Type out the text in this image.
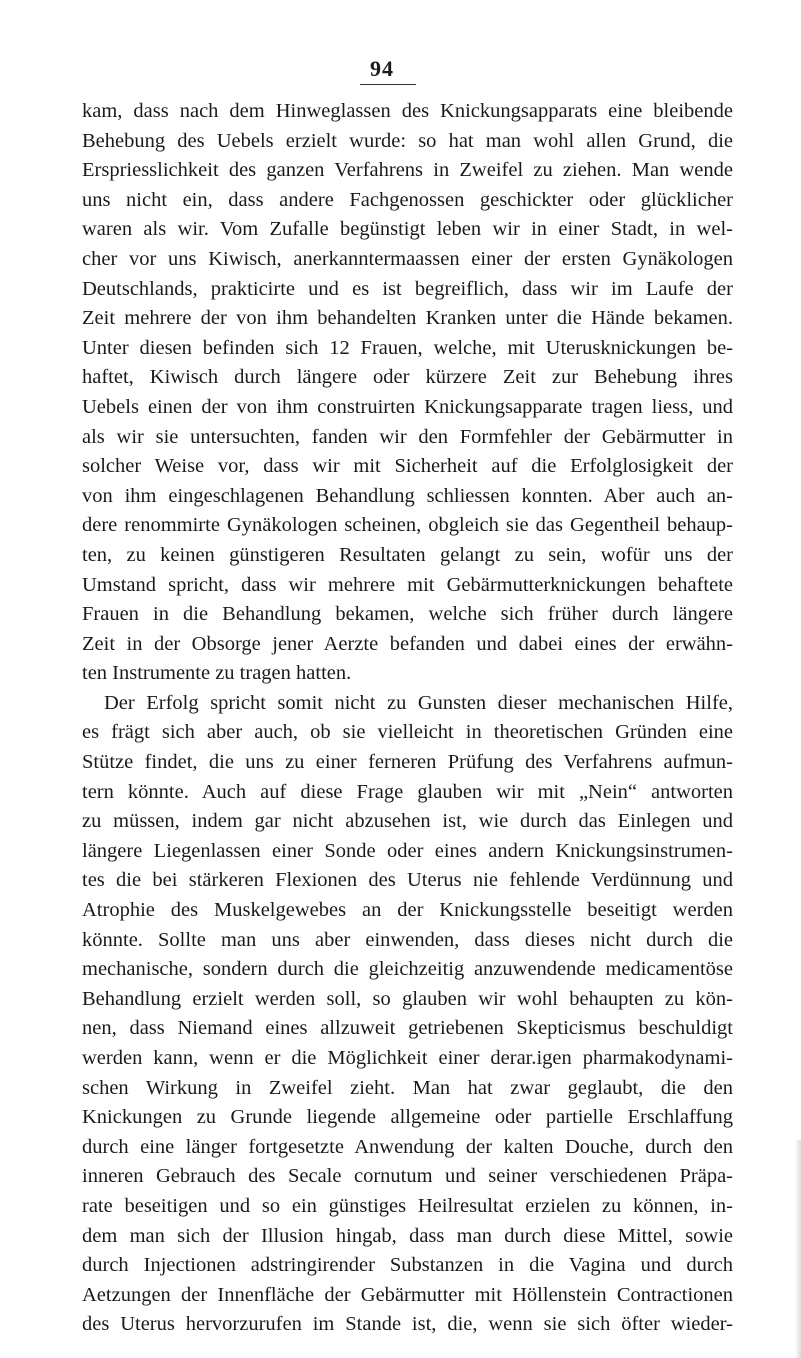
94
kam, dass nach dem Hinweglassen des Knickungsapparats eine bleibende
Behebung des Uebels erzielt wurde: so hat man wohl allen Grund, die
Erspriesslichkeit des ganzen Verfahrens in Zweifel zu ziehen. Man wende
uns nicht ein, dass andere Fachgenossen geschickter oder glücklicher
waren als wir. Vom Zufalle begünstigt leben wir in einer Stadt, in wel-
cher vor uns Kiwisch, anerkanntermaassen einer der ersten Gynäkologen
Deutschlands, prakticirte und es ist begreiflich, dass wir im Laufe der
Zeit mehrere der von ihm behandelten Kranken unter die Hände bekamen.
Unter diesen befinden sich 12 Frauen, welche, mit Uterusknickungen be-
haftet, Kiwisch durch längere oder kürzere Zeit zur Behebung ihres
Uebels einen der von ihm construirten Knickungsapparate tragen liess, und
als wir sie untersuchten, fanden wir den Formfehler der Gebärmutter in
solcher Weise vor, dass wir mit Sicherheit auf die Erfolglosigkeit der
von ihm eingeschlagenen Behandlung schliessen konnten. Aber auch an-
dere renommirte Gynäkologen scheinen, obgleich sie das Gegentheil behaup-
ten, zu keinen günstigeren Resultaten gelangt zu sein, wofür uns der
Umstand spricht, dass wir mehrere mit Gebärmutterknickungen behaftete
Frauen in die Behandlung bekamen, welche sich früher durch längere
Zeit in der Obsorge jener Aerzte befanden und dabei eines der erwähn-
ten Instrumente zu tragen hatten.
Der Erfolg spricht somit nicht zu Gunsten dieser mechanischen Hilfe,
es frägt sich aber auch, ob sie vielleicht in theoretischen Gründen eine
Stütze findet, die uns zu einer ferneren Prüfung des Verfahrens aufmun-
tern könnte. Auch auf diese Frage glauben wir mit „Nein“ antworten
zu müssen, indem gar nicht abzusehen ist, wie durch das Einlegen und
längere Liegenlassen einer Sonde oder eines andern Knickungsinstrumen-
tes die bei stärkeren Flexionen des Uterus nie fehlende Verdünnung und
Atrophie des Muskelgewebes an der Knickungsstelle beseitigt werden
könnte. Sollte man uns aber einwenden, dass dieses nicht durch die
mechanische, sondern durch die gleichzeitig anzuwendende medicamentöse
Behandlung erzielt werden soll, so glauben wir wohl behaupten zu kön-
nen, dass Niemand eines allzuweit getriebenen Skepticismus beschuldigt
werden kann, wenn er die Möglichkeit einer derar.igen pharmakodynami-
schen Wirkung in Zweifel zieht. Man hat zwar geglaubt, die den
Knickungen zu Grunde liegende allgemeine oder partielle Erschlaffung
durch eine länger fortgesetzte Anwendung der kalten Douche, durch den
inneren Gebrauch des Secale cornutum und seiner verschiedenen Präpa-
rate beseitigen und so ein günstiges Heilresultat erzielen zu können, in-
dem man sich der Illusion hingab, dass man durch diese Mittel, sowie
durch Injectionen adstringirender Substanzen in die Vagina und durch
Aetzungen der Innenfläche der Gebärmutter mit Höllenstein Contractionen
des Uterus hervorzurufen im Stande ist, die, wenn sie sich öfter wieder-
